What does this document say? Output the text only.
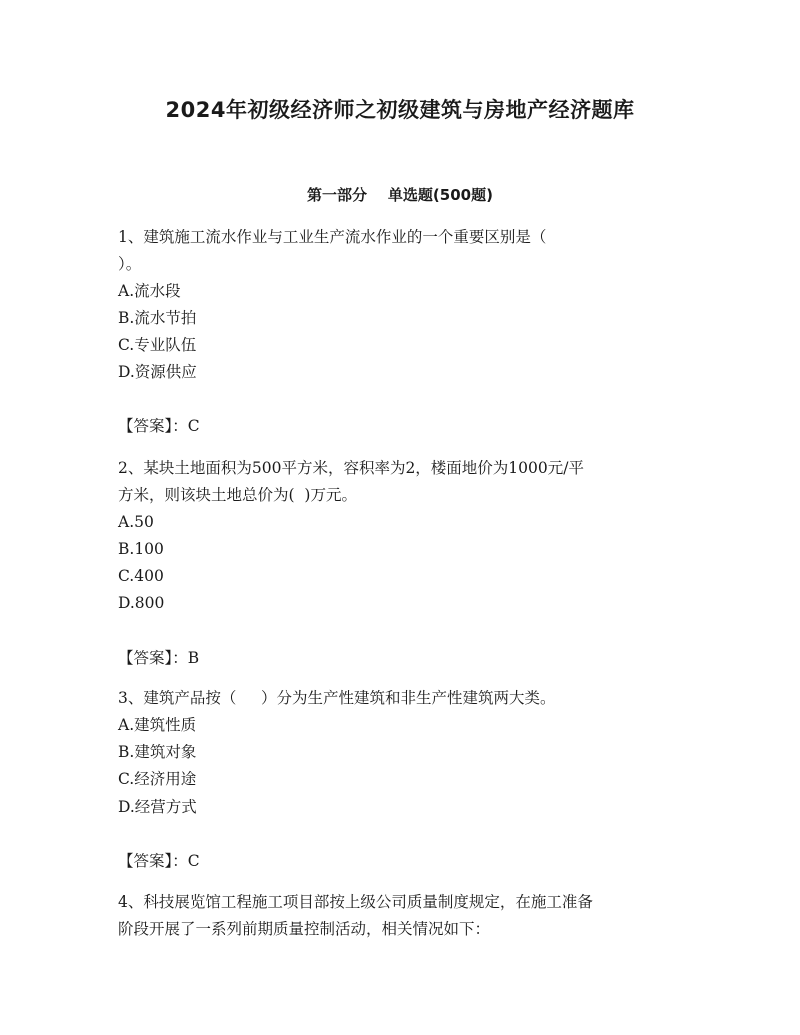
2024年初级经济师之初级建筑与房地产经济题库
第一部分    单选题(500题)

1、建筑施工流水作业与工业生产流水作业的一个重要区别是（

）。

A.流水段

B.流水节拍

C.专业队伍

D.资源供应

【答案】：C

2、某块土地面积为500平方米，容积率为2，楼面地价为1000元/平

方米，则该块土地总价为(  )万元。

A.50

B.100

C.400

D.800

【答案】：B

3、建筑产品按（     ）分为生产性建筑和非生产性建筑两大类。

A.建筑性质

B.建筑对象

C.经济用途

D.经营方式

【答案】：C

4、科技展览馆工程施工项目部按上级公司质量制度规定，在施工准备

阶段开展了一系列前期质量控制活动，相关情况如下：
